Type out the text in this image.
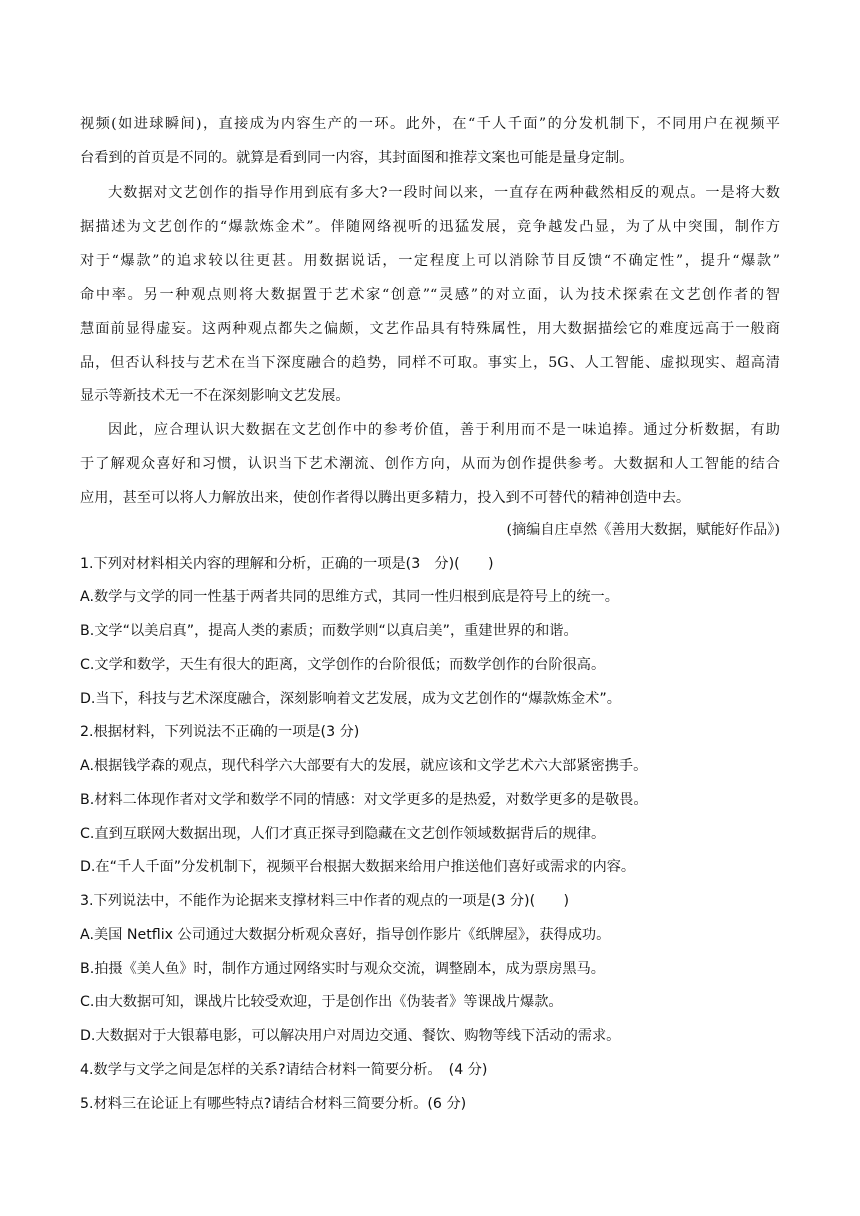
视频(如进球瞬间)，直接成为内容生产的一环。此外，在“千人千面”的分发机制下，不同用户在视频平
台看到的首页是不同的。就算是看到同一内容，其封面图和推荐文案也可能是量身定制。
大数据对文艺创作的指导作用到底有多大?一段时间以来，一直存在两种截然相反的观点。一是将大数
据描述为文艺创作的“爆款炼金术”。伴随网络视听的迅猛发展，竞争越发凸显，为了从中突围，制作方
对于“爆款”的追求较以往更甚。用数据说话，一定程度上可以消除节目反馈“不确定性”，提升“爆款”
命中率。另一种观点则将大数据置于艺术家“创意”“灵感”的对立面，认为技术探索在文艺创作者的智
慧面前显得虚妄。这两种观点都失之偏颇，文艺作品具有特殊属性，用大数据描绘它的难度远高于一般商
品，但否认科技与艺术在当下深度融合的趋势，同样不可取。事实上，5G、人工智能、虚拟现实、超高清
显示等新技术无一不在深刻影响文艺发展。
因此，应合理认识大数据在文艺创作中的参考价值，善于利用而不是一味追捧。通过分析数据，有助
于了解观众喜好和习惯，认识当下艺术潮流、创作方向，从而为创作提供参考。大数据和人工智能的结合
应用，甚至可以将人力解放出来，使创作者得以腾出更多精力，投入到不可替代的精神创造中去。
(摘编自庄卓然《善用大数据，赋能好作品》)
1.下列对材料相关内容的理解和分析，正确的一项是(3　分)(　　)
A.数学与文学的同一性基于两者共同的思维方式，其同一性归根到底是符号上的统一。
B.文学“以美启真”，提高人类的素质；而数学则“以真启美”，重建世界的和谐。
C.文学和数学，天生有很大的距离，文学创作的台阶很低；而数学创作的台阶很高。
D.当下，科技与艺术深度融合，深刻影响着文艺发展，成为文艺创作的“爆款炼金术”。
2.根据材料，下列说法不正确的一项是(3 分)
A.根据钱学森的观点，现代科学六大部要有大的发展，就应该和文学艺术六大部紧密携手。
B.材料二体现作者对文学和数学不同的情感：对文学更多的是热爱，对数学更多的是敬畏。
C.直到互联网大数据出现，人们才真正探寻到隐藏在文艺创作领域数据背后的规律。
D.在“千人千面”分发机制下，视频平台根据大数据来给用户推送他们喜好或需求的内容。
3.下列说法中，不能作为论据来支撑材料三中作者的观点的一项是(3 分)(　　)
A.美国 Netflix 公司通过大数据分析观众喜好，指导创作影片《纸牌屋》，获得成功。
B.拍摄《美人鱼》时，制作方通过网络实时与观众交流，调整剧本，成为票房黑马。
C.由大数据可知，课战片比较受欢迎，于是创作出《伪装者》等课战片爆款。
D.大数据对于大银幕电影，可以解决用户对周边交通、餐饮、购物等线下活动的需求。
4.数学与文学之间是怎样的关系?请结合材料一简要分析。　(4 分)
5.材料三在论证上有哪些特点?请结合材料三简要分析。(6 分)
